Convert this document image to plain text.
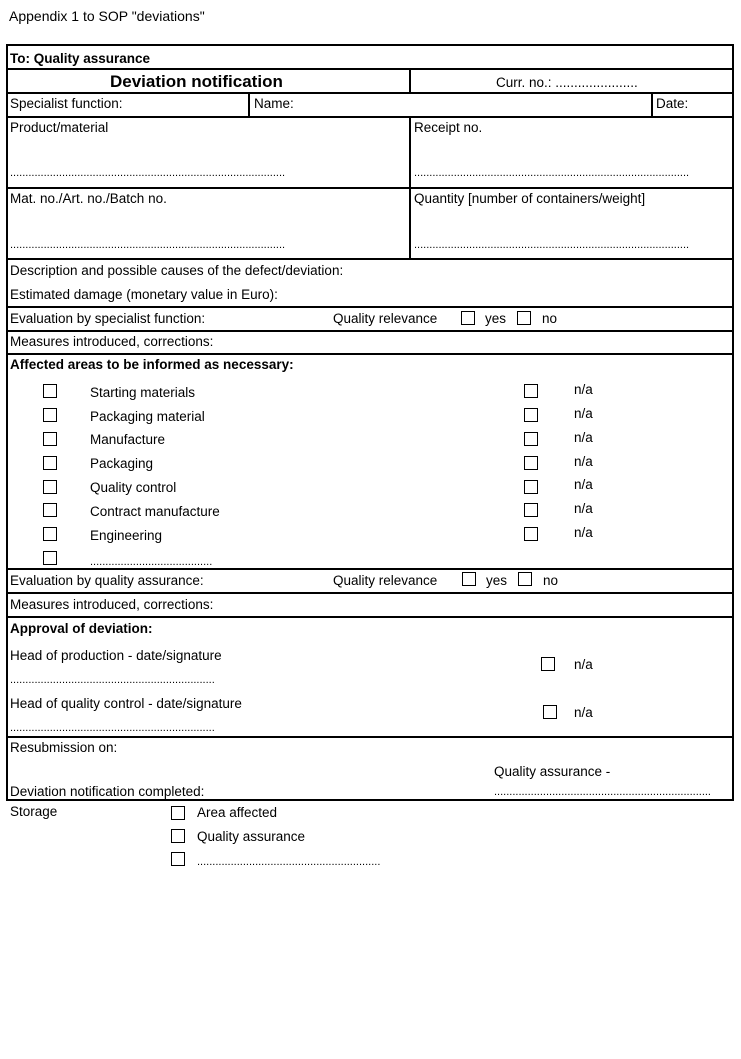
Appendix 1 to SOP "deviations"
To: Quality assurance
Deviation notification	Curr. no.: ......................
Specialist function:	Name:	Date:
Product/material
..........................................................................................
Receipt no.
..........................................................................................
Mat. no./Art. no./Batch no.
..........................................................................................
Quantity [number of containers/weight]
..........................................................................................
Description and possible causes of the defect/deviation:
Estimated damage (monetary value in Euro):
Evaluation by specialist function:	Quality relevance	yes	no
Measures introduced, corrections:
Affected areas to be informed as necessary:
Starting materials	n/a
Packaging material	n/a
Manufacture	n/a
Packaging	n/a
Quality control	n/a
Contract manufacture	n/a
Engineering	n/a
........................................
Evaluation by quality assurance:	Quality relevance	yes	no
Measures introduced, corrections:
Approval of deviation:
Head of production - date/signature
...................................................................
n/a
Head of quality control - date/signature
...................................................................
n/a
Resubmission on:
Quality assurance -
Deviation notification completed:	.......................................................................
Storage	Area affected
Quality assurance
............................................................
